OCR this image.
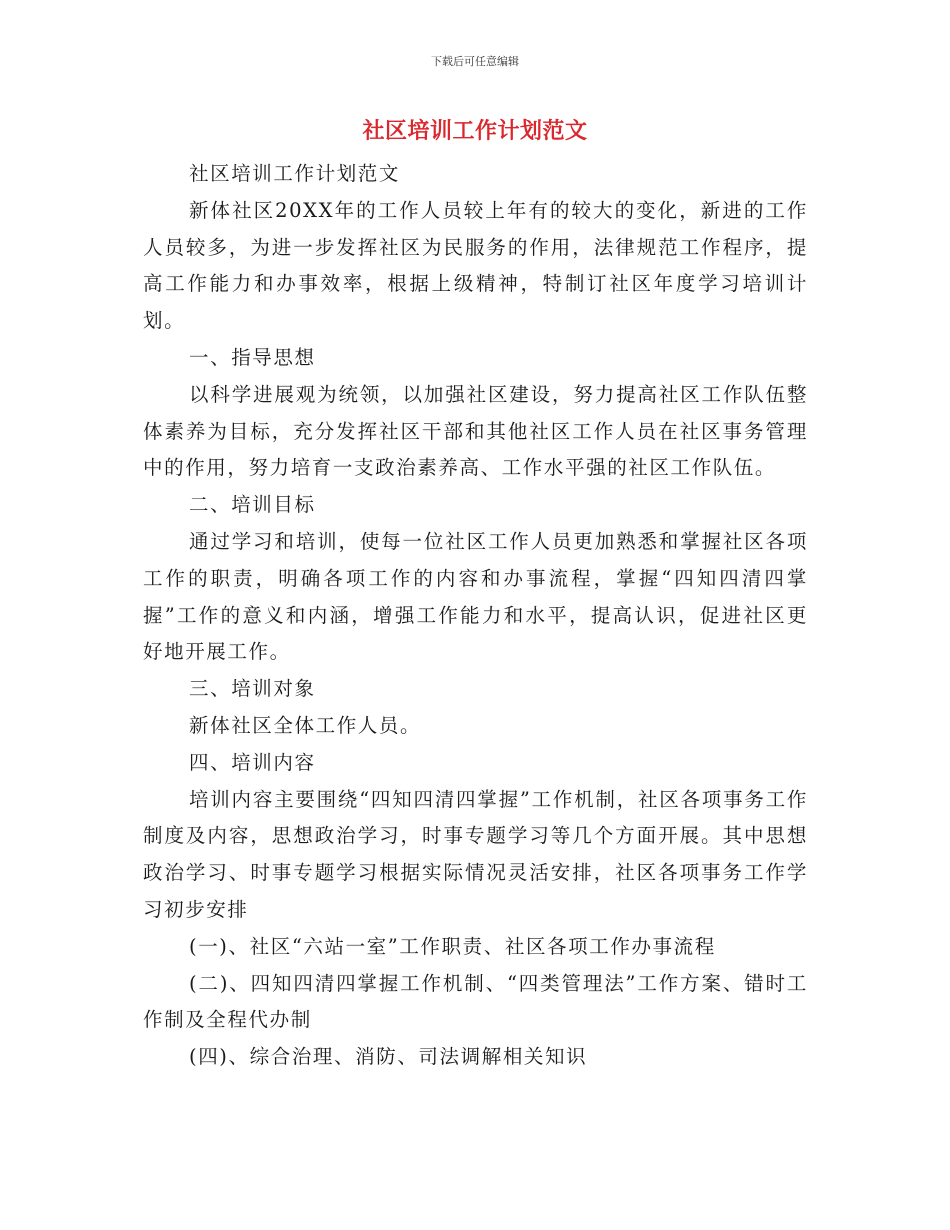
下载后可任意编辑
社区培训工作计划范文

社区培训工作计划范文

新体社区20XX年的工作人员较上年有的较大的变化，新进的工作人员较多，为进一步发挥社区为民服务的作用，法律规范工作程序，提高工作能力和办事效率，根据上级精神，特制订社区年度学习培训计划。

一、指导思想

以科学进展观为统领，以加强社区建设，努力提高社区工作队伍整体素养为目标，充分发挥社区干部和其他社区工作人员在社区事务管理中的作用，努力培育一支政治素养高、工作水平强的社区工作队伍。

二、培训目标

通过学习和培训，使每一位社区工作人员更加熟悉和掌握社区各项工作的职责，明确各项工作的内容和办事流程，掌握“四知四清四掌握”工作的意义和内涵，增强工作能力和水平，提高认识，促进社区更好地开展工作。

三、培训对象

新体社区全体工作人员。

四、培训内容

培训内容主要围绕“四知四清四掌握”工作机制，社区各项事务工作制度及内容，思想政治学习，时事专题学习等几个方面开展。其中思想政治学习、时事专题学习根据实际情况灵活安排，社区各项事务工作学习初步安排

(一)、社区“六站一室”工作职责、社区各项工作办事流程

(二)、四知四清四掌握工作机制、“四类管理法”工作方案、错时工作制及全程代办制

(四)、综合治理、消防、司法调解相关知识
